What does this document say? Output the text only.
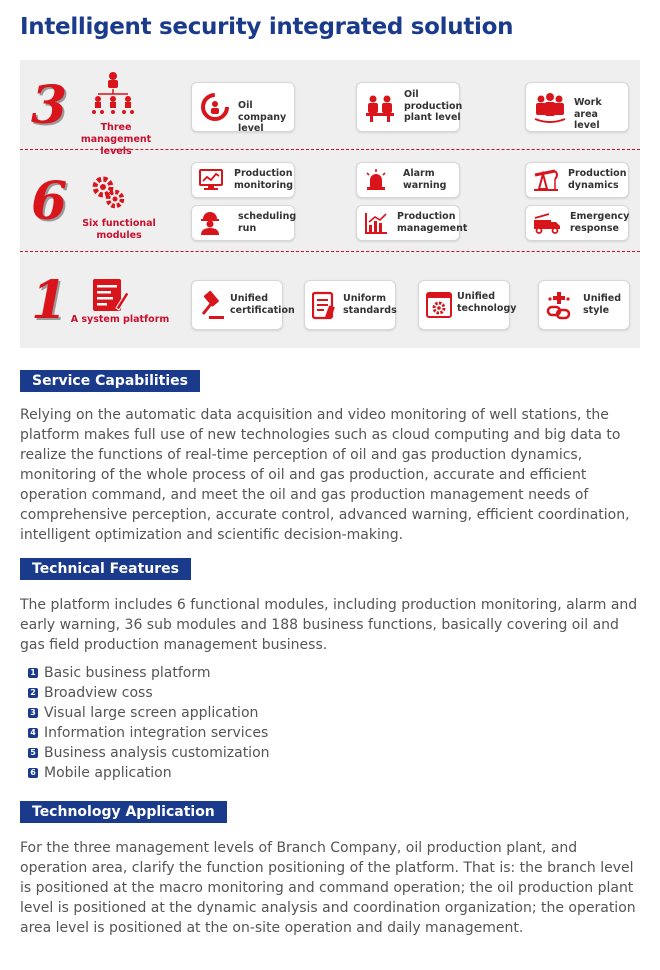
Intelligent security integrated solution
3	Three management
levels
Oil company
level
Oil
production
plant level
Work area
level
6	Six functional
modules
Production
monitoring
Alarm
warning
Production
dynamics
scheduling
run
Production
management
Emergency
response
1 A system platform
Unified
certification
Uniform
standards
Unified
technology
Unified
style
Service Capabilities

Relying on the automatic data acquisition and video monitoring of well stations, the platform makes full use of new technologies such as cloud computing and big data to realize the functions of real-time perception of oil and gas production dynamics, monitoring of the whole process of oil and gas production, accurate and efficient operation command, and meet the oil and gas production management needs of comprehensive perception, accurate control, advanced warning, efficient coordination, intelligent optimization and scientific decision-making.

Technical Features

The platform includes 6 functional modules, including production monitoring, alarm and early warning, 36 sub modules and 188 business functions, basically covering oil and gas field production management business.

1 Basic business platform
2 Broadview coss
3 Visual large screen application
4 Information integration services
5 Business analysis customization
6 Mobile application
Technology Application

For the three management levels of Branch Company, oil production plant, and operation area, clarify the function positioning of the platform. That is: the branch level is positioned at the macro monitoring and command operation; the oil production plant level is positioned at the dynamic analysis and coordination organization; the operation area level is positioned at the on-site operation and daily management.
